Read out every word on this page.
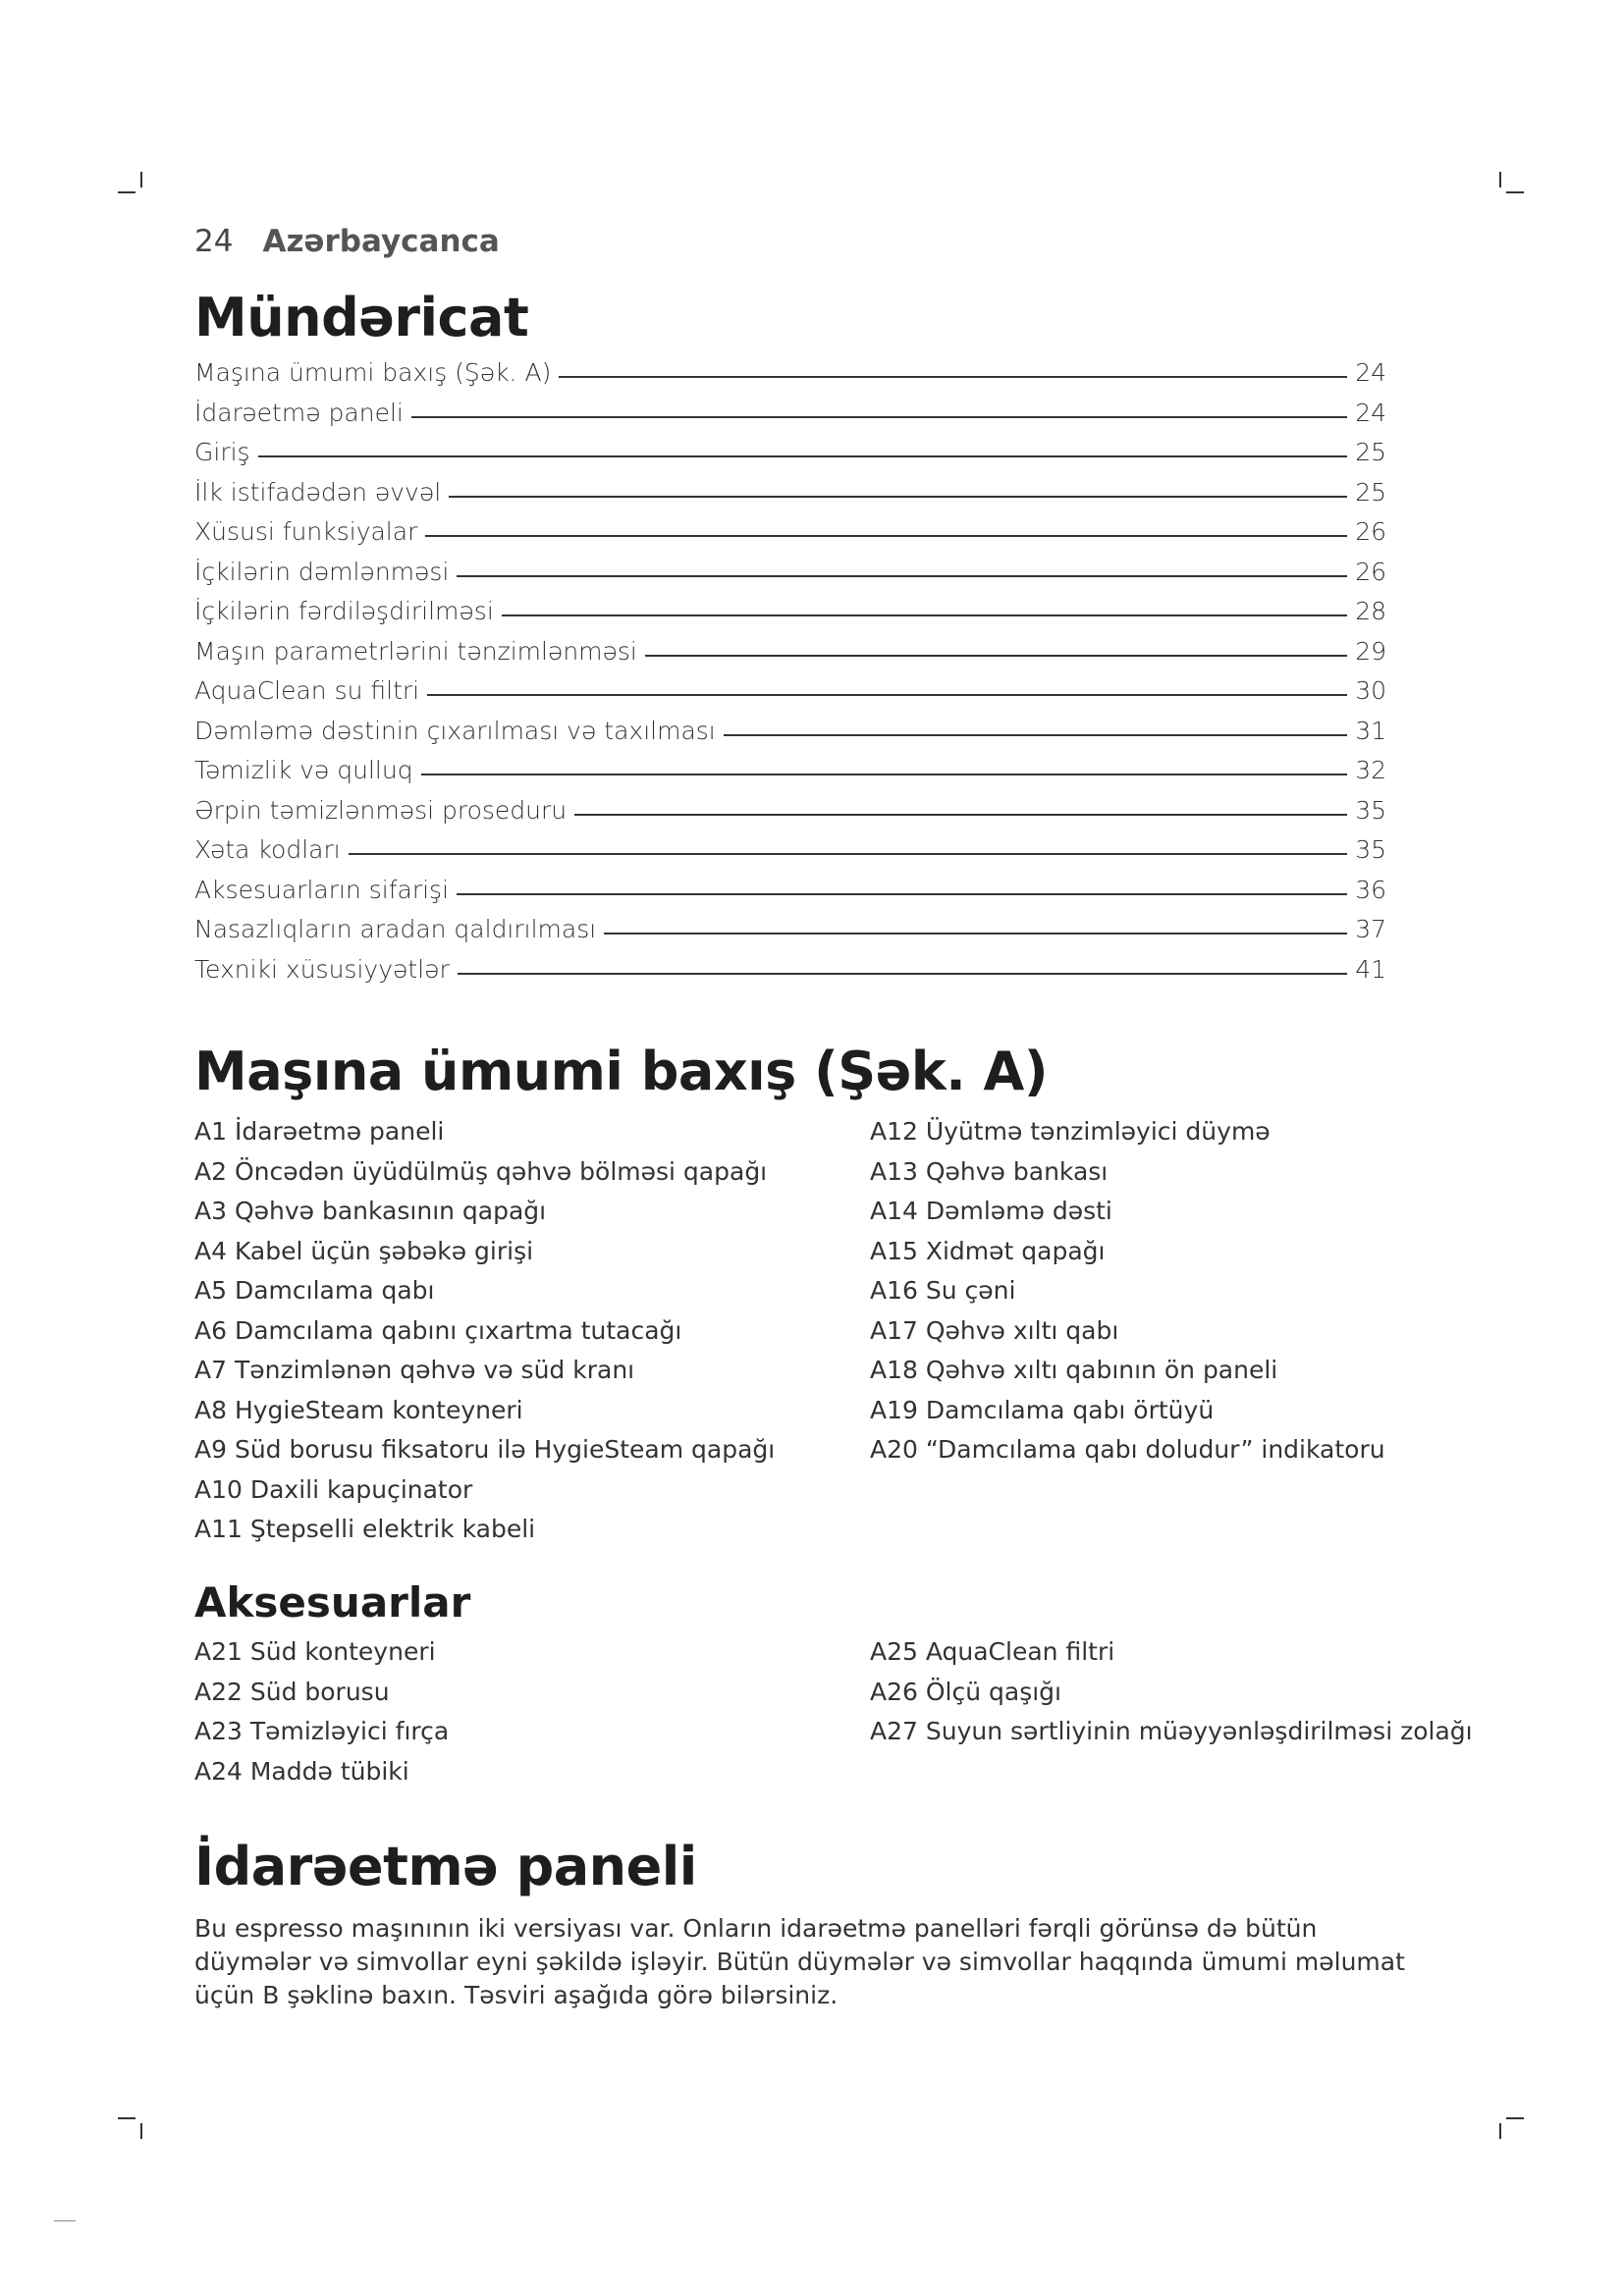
24 Azərbaycanca
Mündəricat
Maşına ümumi baxış (Şək. A)	24
İdarəetmə paneli	24
Giriş	25
İlk istifadədən əvvəl	25
Xüsusi funksiyalar	26
İçkilərin dəmlənməsi	26
İçkilərin fərdiləşdirilməsi	28
Maşın parametrlərini tənzimlənməsi	29
AquaClean su filtri	30
Dəmləmə dəstinin çıxarılması və taxılması	31
Təmizlik və qulluq	32
Ərpin təmizlənməsi proseduru	35
Xəta kodları	35
Aksesuarların sifarişi	36
Nasazlıqların aradan qaldırılması	37
Texniki xüsusiyyətlər	41
Maşına ümumi baxış (Şək. A)
A1 İdarəetmə paneli
A2 Öncədən üyüdülmüş qəhvə bölməsi qapağı
A3 Qəhvə bankasının qapağı
A4 Kabel üçün şəbəkə girişi
A5 Damcılama qabı
A6 Damcılama qabını çıxartma tutacağı
A7 Tənzimlənən qəhvə və süd kranı
A8 HygieSteam konteyneri
A9 Süd borusu fiksatoru ilə HygieSteam qapağı
A10 Daxili kapuçinator
A11 Ştepselli elektrik kabeli
A12 Üyütmə tənzimləyici düymə
A13 Qəhvə bankası
A14 Dəmləmə dəsti
A15 Xidmət qapağı
A16 Su çəni
A17 Qəhvə xıltı qabı
A18 Qəhvə xıltı qabının ön paneli
A19 Damcılama qabı örtüyü
A20 “Damcılama qabı doludur” indikatoru
Aksesuarlar
A21 Süd konteyneri
A22 Süd borusu
A23 Təmizləyici fırça
A24 Maddə tübiki
A25 AquaClean filtri
A26 Ölçü qaşığı
A27 Suyun sərtliyinin müəyyənləşdirilməsi zolağı
İdarəetmə paneli

Bu espresso maşınının iki versiyası var. Onların idarəetmə panelləri fərqli görünsə də bütün düymələr və simvollar eyni şəkildə işləyir. Bütün düymələr və simvollar haqqında ümumi məlumat üçün B şəklinə baxın. Təsviri aşağıda görə bilərsiniz.
